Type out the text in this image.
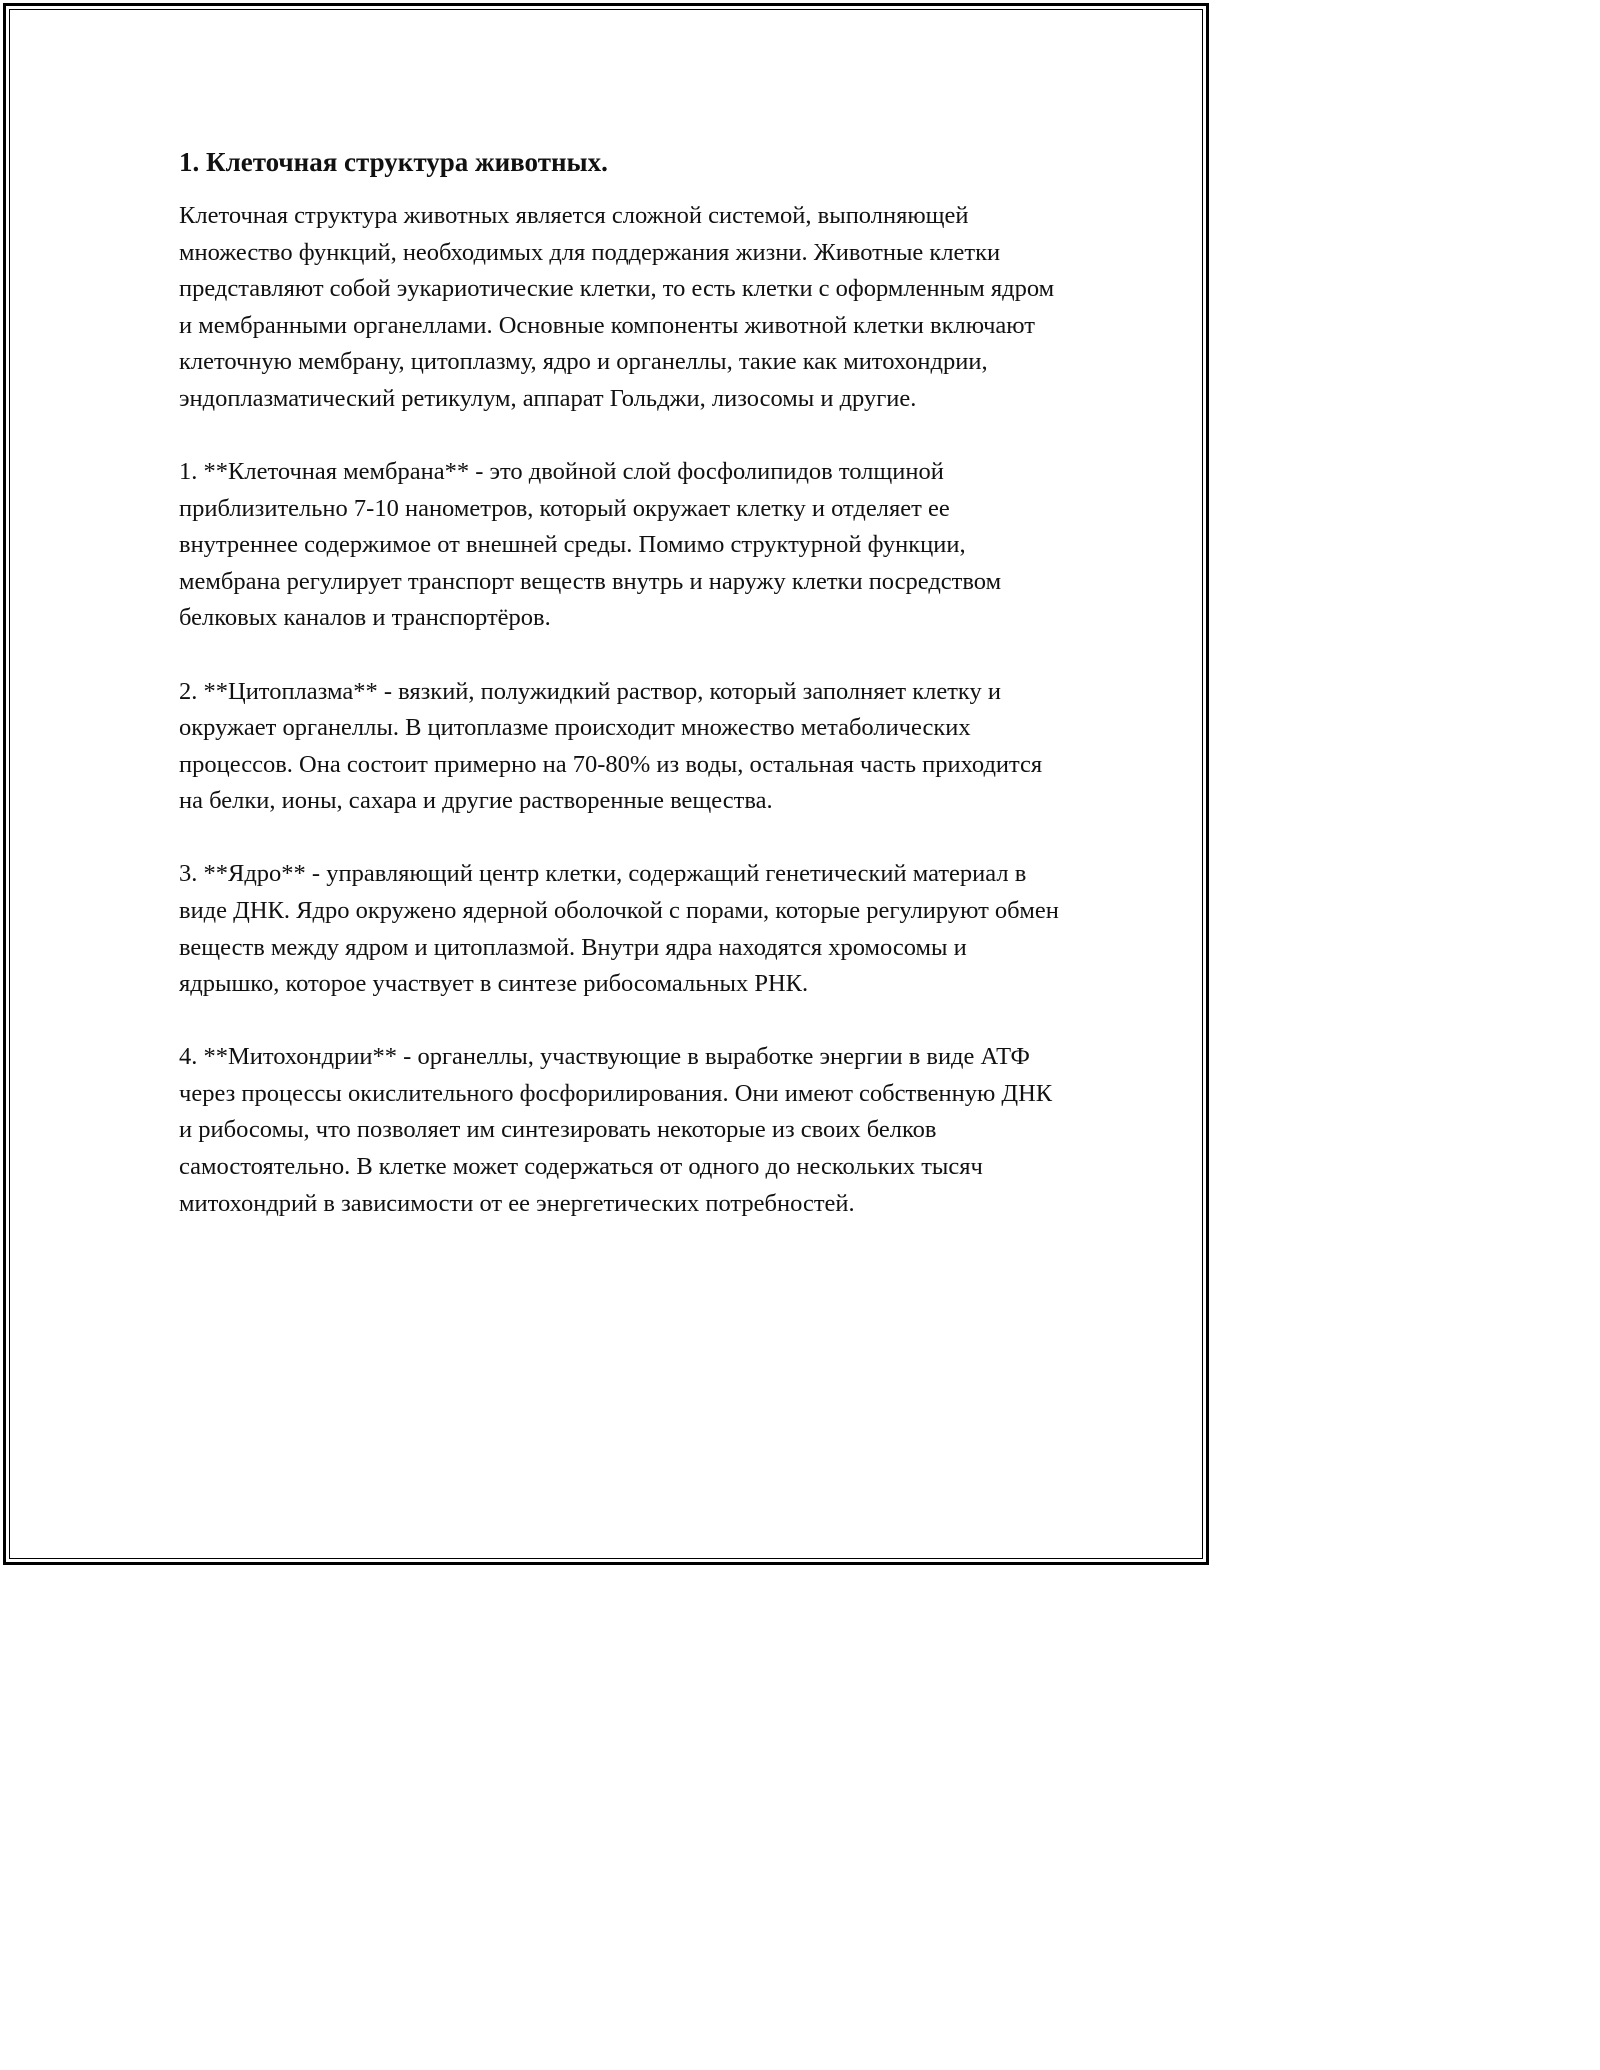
1. Клеточная структура животных.

Клеточная структура животных является сложной системой, выполняющей множество функций, необходимых для поддержания жизни. Животные клетки представляют собой эукариотические клетки, то есть клетки с оформленным ядром и мембранными органеллами. Основные компоненты животной клетки включают клеточную мембрану, цитоплазму, ядро и органеллы, такие как митохондрии, эндоплазматический ретикулум, аппарат Гольджи, лизосомы и другие.

1. **Клеточная мембрана** - это двойной слой фосфолипидов толщиной приблизительно 7-10 нанометров, который окружает клетку и отделяет ее внутреннее содержимое от внешней среды. Помимо структурной функции, мембрана регулирует транспорт веществ внутрь и наружу клетки посредством белковых каналов и транспортёров.

2. **Цитоплазма** - вязкий, полужидкий раствор, который заполняет клетку и окружает органеллы. В цитоплазме происходит множество метаболических процессов. Она состоит примерно на 70-80% из воды, остальная часть приходится на белки, ионы, сахара и другие растворенные вещества.

3. **Ядро** - управляющий центр клетки, содержащий генетический материал в виде ДНК. Ядро окружено ядерной оболочкой с порами, которые регулируют обмен веществ между ядром и цитоплазмой. Внутри ядра находятся хромосомы и ядрышко, которое участвует в синтезе рибосомальных РНК.

4. **Митохондрии** - органеллы, участвующие в выработке энергии в виде АТФ через процессы окислительного фосфорилирования. Они имеют собственную ДНК и рибосомы, что позволяет им синтезировать некоторые из своих белков самостоятельно. В клетке может содержаться от одного до нескольких тысяч митохондрий в зависимости от ее энергетических потребностей.
